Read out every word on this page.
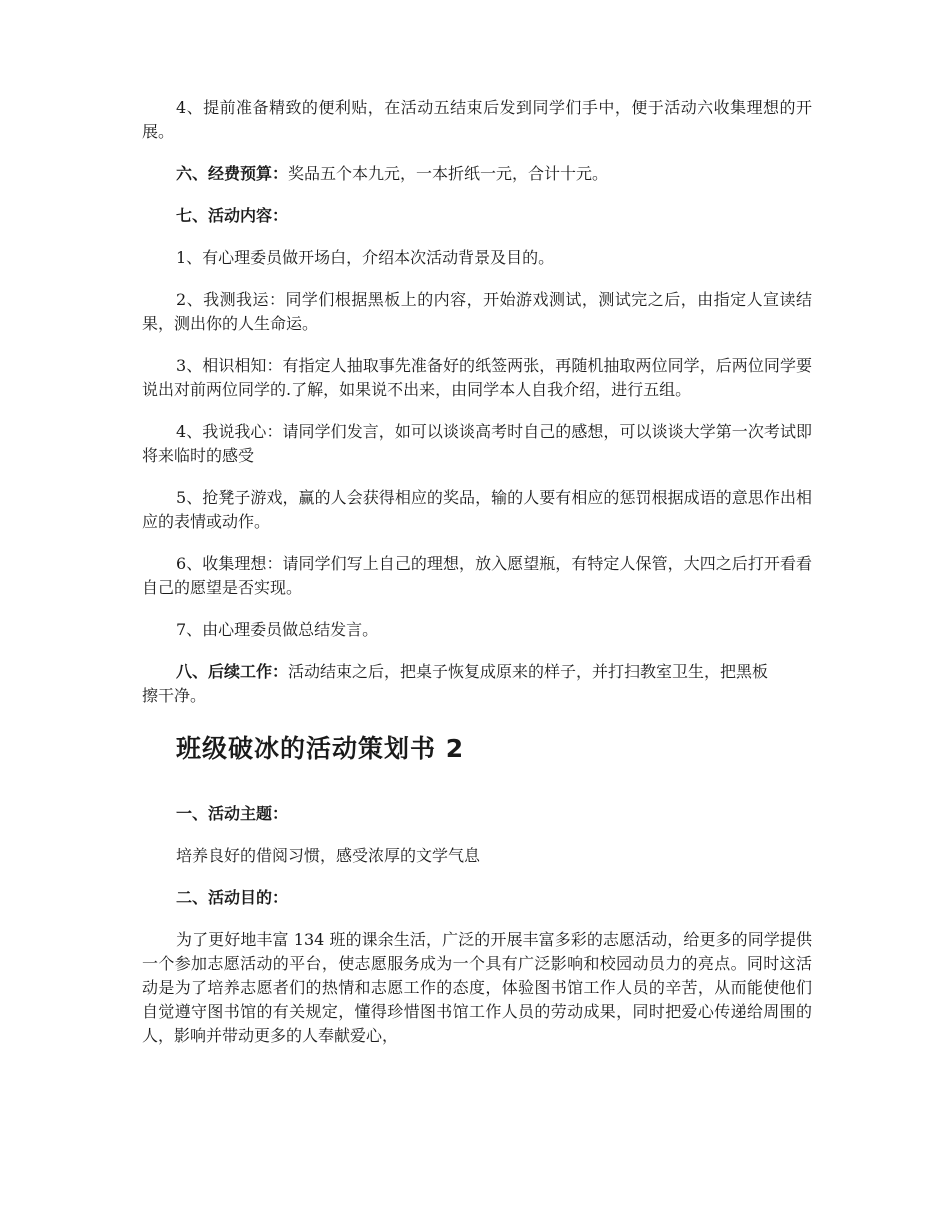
4、提前准备精致的便利贴，在活动五结束后发到同学们手中，便于活动六收集理想的开展。

六、经费预算：奖品五个本九元，一本折纸一元，合计十元。

七、活动内容：

1、有心理委员做开场白，介绍本次活动背景及目的。

2、我测我运：同学们根据黑板上的内容，开始游戏测试，测试完之后，由指定人宣读结果，测出你的人生命运。

3、相识相知：有指定人抽取事先准备好的纸签两张，再随机抽取两位同学，后两位同学要说出对前两位同学的.了解，如果说不出来，由同学本人自我介绍，进行五组。

4、我说我心：请同学们发言，如可以谈谈高考时自己的感想，可以谈谈大学第一次考试即将来临时的感受

5、抢凳子游戏，赢的人会获得相应的奖品，输的人要有相应的惩罚根据成语的意思作出相应的表情或动作。

6、收集理想：请同学们写上自己的理想，放入愿望瓶，有特定人保管，大四之后打开看看自己的愿望是否实现。

7、由心理委员做总结发言。

八、后续工作：活动结束之后，把桌子恢复成原来的样子，并打扫教室卫生，把黑板擦干净。

班级破冰的活动策划书 2

一、活动主题：

培养良好的借阅习惯，感受浓厚的文学气息

二、活动目的：

为了更好地丰富 134 班的课余生活，广泛的开展丰富多彩的志愿活动，给更多的同学提供一个参加志愿活动的平台，使志愿服务成为一个具有广泛影响和校园动员力的亮点。同时这活动是为了培养志愿者们的热情和志愿工作的态度，体验图书馆工作人员的辛苦，从而能使他们自觉遵守图书馆的有关规定，懂得珍惜图书馆工作人员的劳动成果，同时把爱心传递给周围的人，影响并带动更多的人奉献爱心，
